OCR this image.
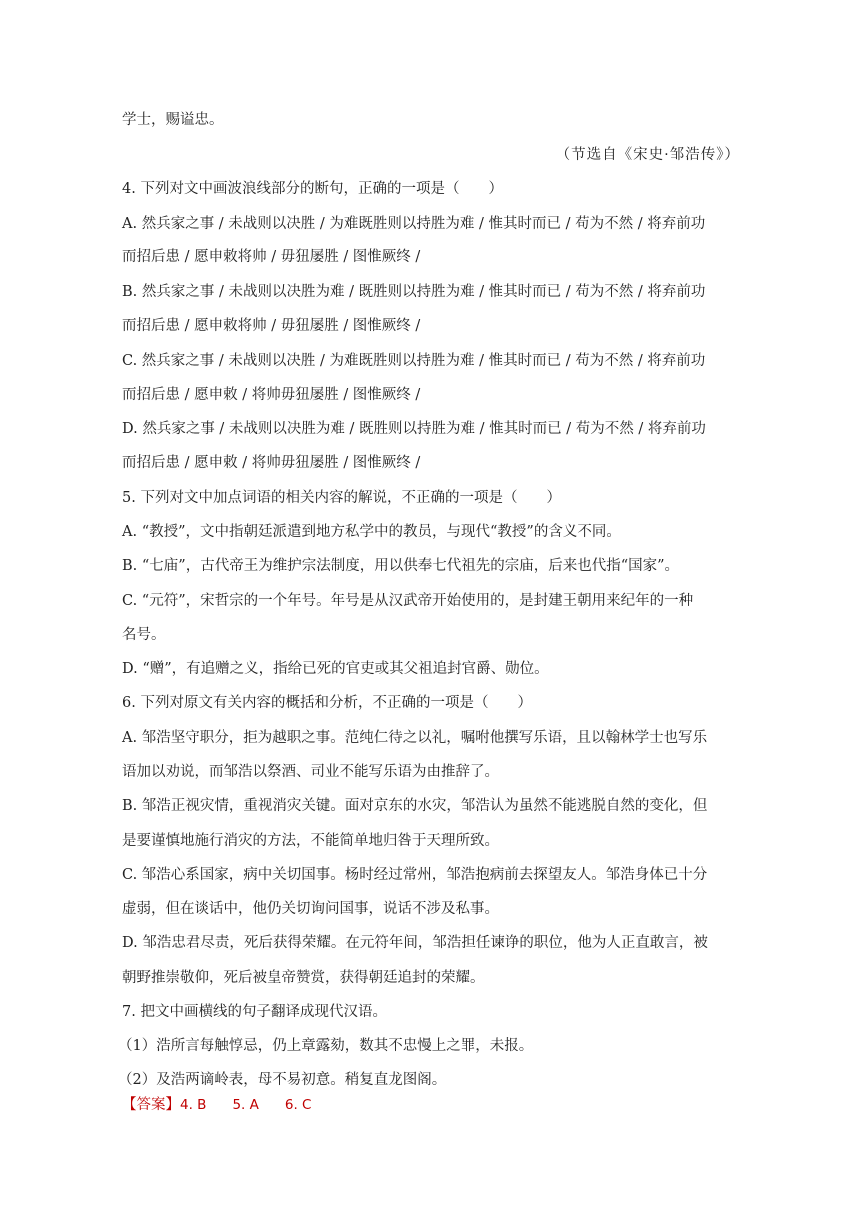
学士，赐谥忠。
（节选自《宋史·邹浩传》）
4. 下列对文中画波浪线部分的断句，正确的一项是（　　）
A. 然兵家之事 / 未战则以决胜 / 为难既胜则以持胜为难 / 惟其时而已 / 苟为不然 / 将弃前功
而招后患 / 愿申敕将帅 / 毋狃屡胜 / 图惟厥终 /
B. 然兵家之事 / 未战则以决胜为难 / 既胜则以持胜为难 / 惟其时而已 / 苟为不然 / 将弃前功
而招后患 / 愿申敕将帅 / 毋狃屡胜 / 图惟厥终 /
C. 然兵家之事 / 未战则以决胜 / 为难既胜则以持胜为难 / 惟其时而已 / 苟为不然 / 将弃前功
而招后患 / 愿申敕 / 将帅毋狃屡胜 / 图惟厥终 /
D. 然兵家之事 / 未战则以决胜为难 / 既胜则以持胜为难 / 惟其时而已 / 苟为不然 / 将弃前功
而招后患 / 愿申敕 / 将帅毋狃屡胜 / 图惟厥终 /
5. 下列对文中加点词语的相关内容的解说，不正确的一项是（　　）
A. “教授”，文中指朝廷派遣到地方私学中的教员，与现代“教授”的含义不同。
B. “七庙”，古代帝王为维护宗法制度，用以供奉七代祖先的宗庙，后来也代指“国家”。
C. “元符”，宋哲宗的一个年号。年号是从汉武帝开始使用的，是封建王朝用来纪年的一种
名号。
D. “赠”，有追赠之义，指给已死的官吏或其父祖追封官爵、勋位。
6. 下列对原文有关内容的概括和分析，不正确的一项是（　　）
A. 邹浩坚守职分，拒为越职之事。范纯仁待之以礼，嘱咐他撰写乐语，且以翰林学士也写乐
语加以劝说，而邹浩以祭酒、司业不能写乐语为由推辞了。
B. 邹浩正视灾情，重视消灾关键。面对京东的水灾，邹浩认为虽然不能逃脱自然的变化，但
是要谨慎地施行消灾的方法，不能简单地归咎于天理所致。
C. 邹浩心系国家，病中关切国事。杨时经过常州，邹浩抱病前去探望友人。邹浩身体已十分
虚弱，但在谈话中，他仍关切询问国事，说话不涉及私事。
D. 邹浩忠君尽责，死后获得荣耀。在元符年间，邹浩担任谏诤的职位，他为人正直敢言，被
朝野推崇敬仰，死后被皇帝赞赏，获得朝廷追封的荣耀。
7. 把文中画横线的句子翻译成现代汉语。
（1）浩所言每触惇忌，仍上章露劾，数其不忠慢上之罪，未报。
（2）及浩两谪岭表，母不易初意。稍复直龙图阁。
【答案】4. B 5. A 6. C
